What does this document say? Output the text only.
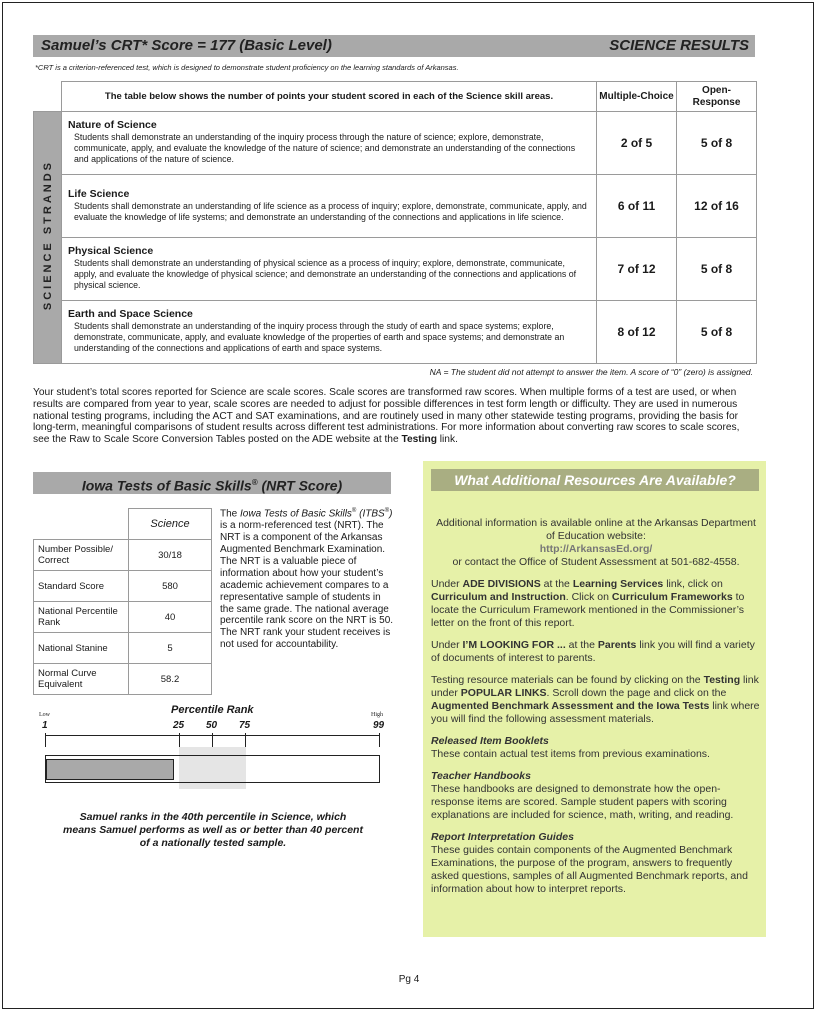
Samuel’s CRT* Score = 177 (Basic Level)	SCIENCE RESULTS
*CRT is a criterion-referenced test, which is designed to demonstrate student proficiency on the learning standards of Arkansas.
	The table below shows the number of points your student scored in each of the Science skill areas.	Multiple-Choice	Open-Response
SCIENCE STRANDS	Nature of Science
Students shall demonstrate an understanding of the inquiry process through the nature of science; explore, demonstrate, communicate, apply, and evaluate the knowledge of the nature of science; and demonstrate an understanding of the connections and applications of the nature of science.	2 of 5	5 of 8

	Life Science
Students shall demonstrate an understanding of life science as a process of inquiry; explore, demonstrate, communicate, apply, and evaluate the knowledge of life systems; and demonstrate an understanding of the connections and applications in life science.	6 of 11	12 of 16

	Physical Science
Students shall demonstrate an understanding of physical science as a process of inquiry; explore, demonstrate, communicate, apply, and evaluate the knowledge of physical science; and demonstrate an understanding of the connections and applications of physical science.	7 of 12	5 of 8

	Earth and Space Science
Students shall demonstrate an understanding of the inquiry process through the study of earth and space systems; explore, demonstrate, communicate, apply, and evaluate knowledge of the properties of earth and space systems; and demonstrate an understanding of the connections and applications of earth and space systems.	8 of 12	5 of 8
NA = The student did not attempt to answer the item. A score of “0” (zero) is assigned.
Your student’s total scores reported for Science are scale scores. Scale scores are transformed raw scores. When multiple forms of a test are used, or when results are compared from year to year, scale scores are needed to adjust for possible differences in test form length or difficulty. They are used in numerous national testing programs, including the ACT and SAT examinations, and are routinely used in many other statewide testing programs, providing the basis for long-term, meaningful comparisons of student results across different test administrations. For more information about converting raw scores to scale scores, see the Raw to Scale Score Conversion Tables posted on the ADE website at the Testing link.
Iowa Tests of Basic Skills® (NRT Score)
	Science
Number Possible/ Correct	30/18
Standard Score	580
National Percentile Rank	40
National Stanine	5
Normal Curve Equivalent	58.2
The Iowa Tests of Basic Skills® (ITBS®) is a norm-referenced test (NRT). The NRT is a component of the Arkansas Augmented Benchmark Examination. The NRT is a valuable piece of information about how your student’s academic achievement compares to a representative sample of students in the same grade. The national average percentile rank score on the NRT is 50. The NRT rank your student receives is not used for accountability.
Percentile Rank
Low	High
1	25 50 75	99
Samuel ranks in the 40th percentile in Science, which means Samuel performs as well as or better than 40 percent of a nationally tested sample.
What Additional Resources Are Available?

Additional information is available online at the Arkansas Department of Education website:
http://ArkansasEd.org/
or contact the Office of Student Assessment at 501-682-4558.

Under ADE DIVISIONS at the Learning Services link, click on Curriculum and Instruction. Click on Curriculum Frameworks to locate the Curriculum Framework mentioned in the Commissioner’s letter on the front of this report.

Under I’M LOOKING FOR ... at the Parents link you will find a variety of documents of interest to parents.

Testing resource materials can be found by clicking on the Testing link under POPULAR LINKS. Scroll down the page and click on the Augmented Benchmark Assessment and the Iowa Tests link where you will find the following assessment materials.

Released Item Booklets

These contain actual test items from previous examinations.

Teacher Handbooks

These handbooks are designed to demonstrate how the open-response items are scored. Sample student papers with scoring explanations are included for science, math, writing, and reading.

Report Interpretation Guides

These guides contain components of the Augmented Benchmark Examinations, the purpose of the program, answers to frequently asked questions, samples of all Augmented Benchmark reports, and information about how to interpret reports.

Pg 4
